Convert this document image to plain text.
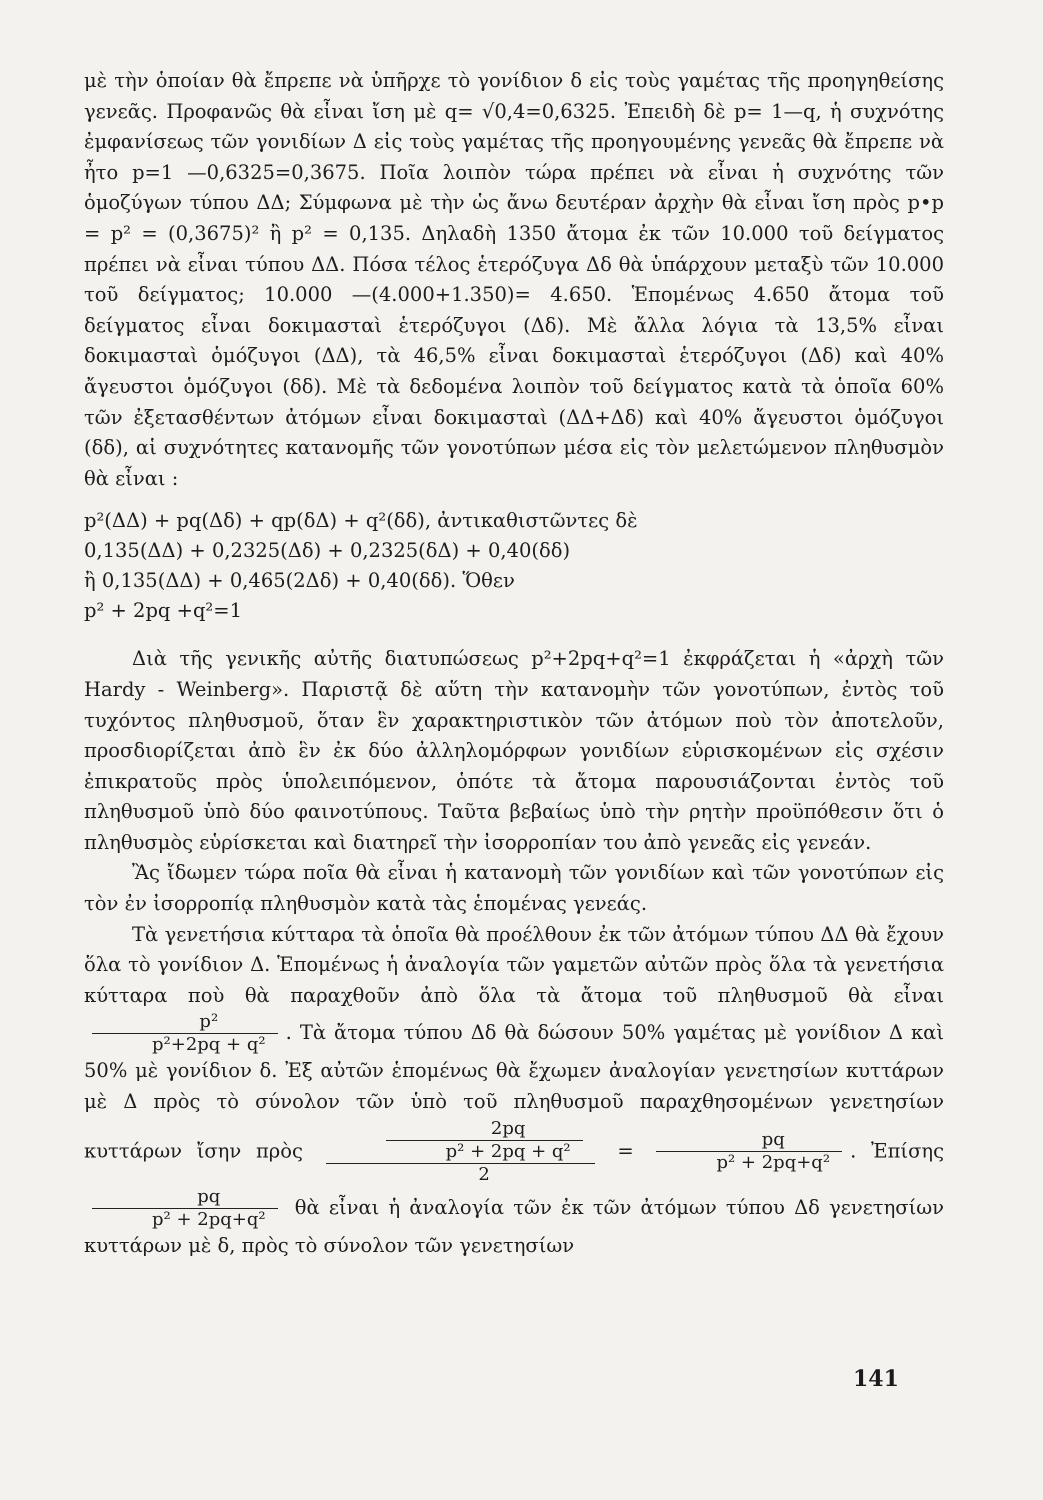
μὲ τὴν ὁποίαν θὰ ἔπρεπε νὰ ὑπῆρχε τὸ γονίδιον δ εἰς τοὺς γαμέτας τῆς προηγηθείσης γενεᾶς. Προφανῶς θὰ εἶναι ἴση μὲ q= √0,4=0,6325. Ἐπειδὴ δὲ p= 1—q, ἡ συχνότης ἐμφανίσεως τῶν γονιδίων Δ εἰς τοὺς γαμέτας τῆς προηγουμένης γενεᾶς θὰ ἔπρεπε νὰ ἦτο p=1 —0,6325=0,3675. Ποῖα λοιπὸν τώρα πρέπει νὰ εἶναι ἡ συχνότης τῶν ὁμοζύγων τύπου ΔΔ; Σύμφωνα μὲ τὴν ὡς ἄνω δευτέραν ἀρχὴν θὰ εἶναι ἴση πρὸς p•p = p² = (0,3675)² ἢ p² = 0,135. Δηλαδὴ 1350 ἄτομα ἐκ τῶν 10.000 τοῦ δείγματος πρέπει νὰ εἶναι τύπου ΔΔ. Πόσα τέλος ἑτερόζυγα Δδ θὰ ὑπάρχουν μεταξὺ τῶν 10.000 τοῦ δείγματος; 10.000 —(4.000+1.350)= 4.650. Ἑπομένως 4.650 ἄτομα τοῦ δείγματος εἶναι δοκιμασταὶ ἑτερόζυγοι (Δδ). Μὲ ἄλλα λόγια τὰ 13,5% εἶναι δοκιμασταὶ ὁμόζυγοι (ΔΔ), τὰ 46,5% εἶναι δοκιμασταὶ ἑτερόζυγοι (Δδ) καὶ 40% ἄγευστοι ὁμόζυγοι (δδ). Μὲ τὰ δεδομένα λοιπὸν τοῦ δείγματος κατὰ τὰ ὁποῖα 60% τῶν ἐξετασθέντων ἀτόμων εἶναι δοκιμασταὶ (ΔΔ+Δδ) καὶ 40% ἄγευστοι ὁμόζυγοι (δδ), αἱ συχνότητες κατανομῆς τῶν γονοτύπων μέσα εἰς τὸν μελετώμενον πληθυσμὸν θὰ εἶναι :

p²(ΔΔ) + pq(Δδ) + qp(δΔ) + q²(δδ), ἀντικαθιστῶντες δὲ
0,135(ΔΔ) + 0,2325(Δδ) + 0,2325(δΔ) + 0,40(δδ)
ἢ 0,135(ΔΔ) + 0,465(2Δδ) + 0,40(δδ). Ὅθεν
p² + 2pq +q²=1

Διὰ τῆς γενικῆς αὐτῆς διατυπώσεως p²+2pq+q²=1 ἐκφράζεται ἡ «ἀρχὴ τῶν Hardy - Weinberg». Παριστᾷ δὲ αὕτη τὴν κατανομὴν τῶν γονοτύπων, ἐντὸς τοῦ τυχόντος πληθυσμοῦ, ὅταν ἓν χαρακτηριστικὸν τῶν ἀτόμων ποὺ τὸν ἀποτελοῦν, προσδιορίζεται ἀπὸ ἓν ἐκ δύο ἀλληλομόρφων γονιδίων εὑρισκομένων εἰς σχέσιν ἐπικρατοῦς πρὸς ὑπολειπόμενον, ὁπότε τὰ ἄτομα παρουσιάζονται ἐντὸς τοῦ πληθυσμοῦ ὑπὸ δύο φαινοτύπους. Ταῦτα βεβαίως ὑπὸ τὴν ρητὴν προϋπόθεσιν ὅτι ὁ πληθυσμὸς εὑρίσκεται καὶ διατηρεῖ τὴν ἰσορροπίαν του ἀπὸ γενεᾶς εἰς γενεάν.

Ἂς ἴδωμεν τώρα ποῖα θὰ εἶναι ἡ κατανομὴ τῶν γονιδίων καὶ τῶν γονοτύπων εἰς τὸν ἐν ἰσορροπίᾳ πληθυσμὸν κατὰ τὰς ἑπομένας γενεάς.

Τὰ γενετήσια κύτταρα τὰ ὁποῖα θὰ προέλθουν ἐκ τῶν ἀτόμων τύπου ΔΔ θὰ ἔχουν ὅλα τὸ γονίδιον Δ. Ἑπομένως ἡ ἀναλογία τῶν γαμετῶν αὐτῶν πρὸς ὅλα τὰ γενετήσια κύτταρα ποὺ θὰ παραχθοῦν ἀπὸ ὅλα τὰ ἄτομα τοῦ πληθυσμοῦ θὰ εἶναι
$\frac{\text{p²}}{\text{p²+2pq + q²}}$ . Τὰ ἄτομα τύπου Δδ θὰ δώσουν 50% γαμέτας μὲ γονίδιον Δ καὶ 50% μὲ γονίδιον δ. Ἐξ αὐτῶν ἑπομένως θὰ ἔχωμεν ἀναλογίαν γενετησίων κυττάρων μὲ Δ πρὸς τὸ σύνολον τῶν ὑπὸ τοῦ πληθυσμοῦ παραχθησομένων γενετησίων κυττάρων ἴσην πρὸς $\frac{\frac{2pq}{\text{p² + 2pq + q²}}}{2} = \frac{pq}{\text{p² + 2pq+q²}}$ . Ἐπίσης
$\frac{pq}{\text{p² + 2pq+q²}}$ θὰ εἶναι ἡ ἀναλογία τῶν ἐκ τῶν ἀτόμων τύπου Δδ γενετησίων κυττάρων μὲ δ, πρὸς τὸ σύνολον τῶν γενετησίων

141
